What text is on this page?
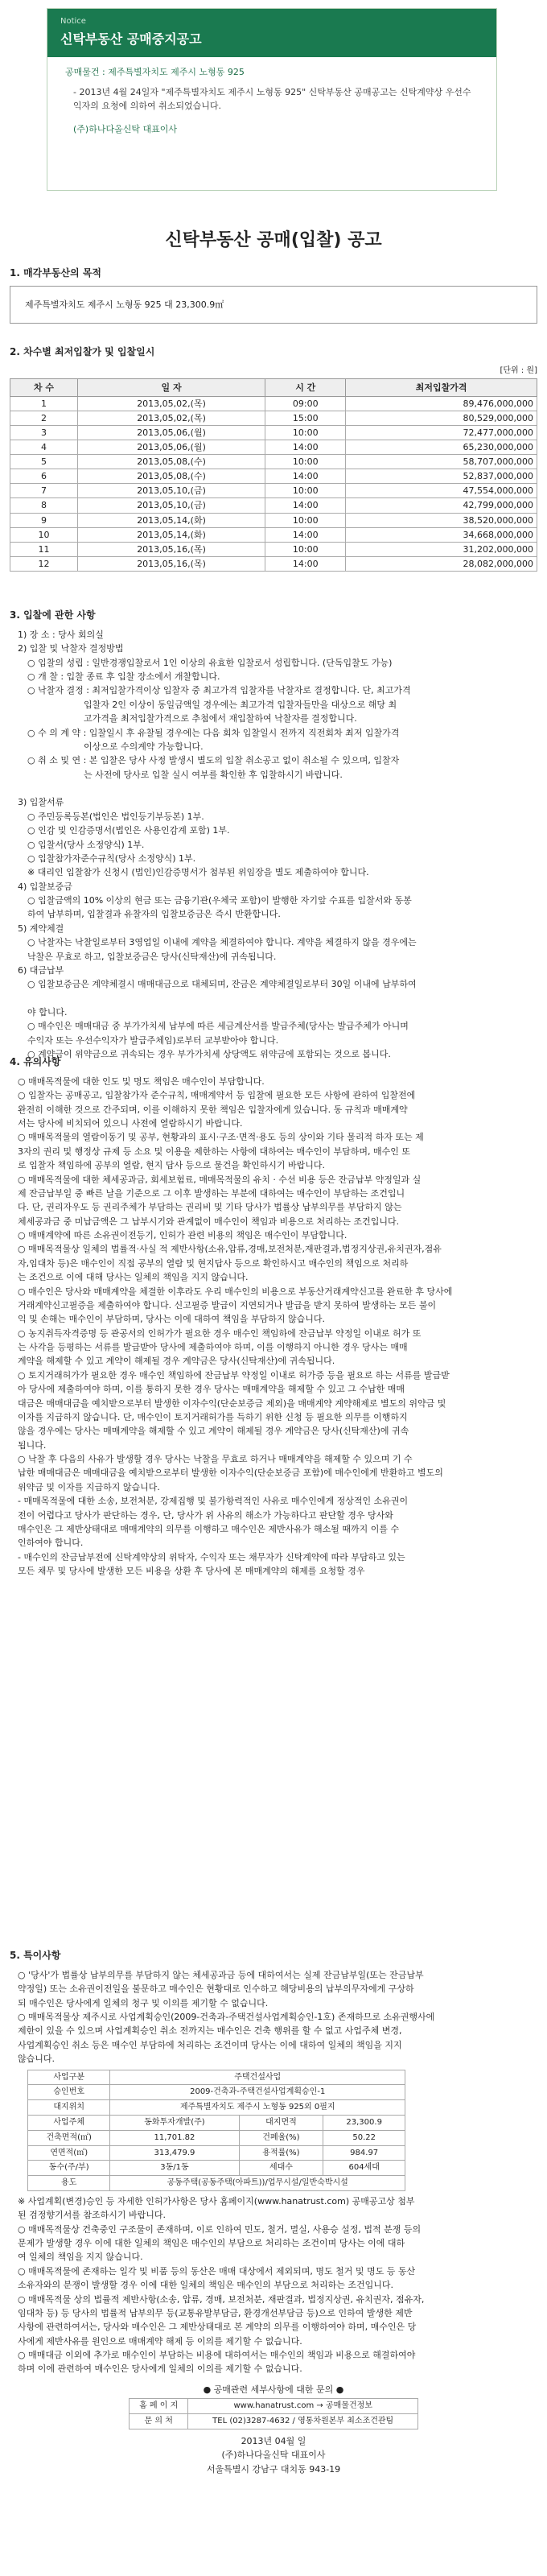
Notice
신탁부동산 공매중지공고
공매물건 : 제주특별자치도 제주시 노형동 925
- 2013년 4월 24일자 "제주특별자치도 제주시 노형동 925" 신탁부동산 공매공고는 신탁계약상 우선수익자의 요청에 의하여 취소되었습니다.
(주)하나다올신탁 대표이사
신탁부동산 공매(입찰) 공고
1. 매각부동산의 목적
제주특별자치도 제주시 노형동 925 대 23,300.9㎡
2. 차수별 최저입찰가 및 입찰일시
[단위 : 원]
차 수	일 자	시 간	최저입찰가격
1	2013,05,02,(목)	09:00	89,476,000,000
2	2013,05,02,(목)	15:00	80,529,000,000
3	2013,05,06,(월)	10:00	72,477,000,000
4	2013,05,06,(월)	14:00	65,230,000,000
5	2013,05,08,(수)	10:00	58,707,000,000
6	2013,05,08,(수)	14:00	52,837,000,000
7	2013,05,10,(금)	10:00	47,554,000,000
8	2013,05,10,(금)	14:00	42,799,000,000
9	2013,05,14,(화)	10:00	38,520,000,000
10	2013,05,14,(화)	14:00	34,668,000,000
11	2013,05,16,(목)	10:00	31,202,000,000
12	2013,05,16,(목)	14:00	28,082,000,000
3. 입찰에 관한 사항

1) 장 소 : 당사 회의실

2) 입찰 및 낙찰자 결정방법

○ 입찰의 성립 : 일반경쟁입찰로서 1인 이상의 유효한 입찰로서 성립합니다. (단독입찰도 가능)

○ 개 찰 : 입찰 종료 후 입찰 장소에서 개찰합니다.

○ 낙찰자 결정 : 최저입찰가격이상 입찰자 중 최고가격 입찰자를 낙찰자로 결정합니다. 단, 최고가격

입찰자 2인 이상이 동일금액일 경우에는 최고가격 입찰자들만을 대상으로 해당 최

고가격을 최저입찰가격으로 추첨에서 재입찰하여 낙찰자를 결정합니다.

○ 수 의 계 약 : 입찰일시 후 유찰될 경우에는 다음 회차 입찰일시 전까지 직전회차 최저 입찰가격

이상으로 수의계약 가능합니다.

○ 취 소 및 연 : 본 입찰은 당사 사정 발생시 별도의 입찰 취소공고 없이 취소될 수 있으며, 입찰자

는 사전에 당사로 입찰 실시 여부를 확인한 후 입찰하시기 바랍니다.

3) 입찰서류

○ 주민등록등본(법인은 법인등기부등본) 1부.

○ 인감 및 인감증명서(법인은 사용인감계 포함) 1부.

○ 입찰서(당사 소정양식) 1부.

○ 입찰참가자준수규칙(당사 소정양식) 1부.

※ 대리인 입찰참가 신청시 (법인)인감증명서가 첨부된 위임장을 별도 제출하여야 합니다.

4) 입찰보증금

○ 입찰금액의 10% 이상의 현금 또는 금융기관(우체국 포함)이 발행한 자기앞 수표를 입찰서와 동봉

하여 납부하며, 입찰결과 유찰자의 입찰보증금은 즉시 반환합니다.

5) 계약체결

○ 낙찰자는 낙찰일로부터 3영업일 이내에 계약을 체결하여야 합니다. 계약을 체결하지 않을 경우에는

낙찰은 무효로 하고, 입찰보증금은 당사(신탁재산)에 귀속됩니다.

6) 대금납부

○ 입찰보증금은 계약체결시 매매대금으로 대체되며, 잔금은 계약체결일로부터 30일 이내에 납부하여

야 합니다.

○ 매수인은 매매대금 중 부가가치세 납부에 따른 세금계산서를 발급주체(당사는 발급주체가 아니며

수익자 또는 우선수익자가 발급주체임)로부터 교부받아야 합니다.

○ 계약금이 위약금으로 귀속되는 경우 부가가치세 상당액도 위약금에 포함되는 것으로 봅니다.

4. 유의사항

○ 매매목적물에 대한 인도 및 명도 책임은 매수인이 부담합니다.

○ 입찰자는 공매공고, 입찰참가자 준수규칙, 매매계약서 등 입찰에 필요한 모든 사항에 관하여 입찰전에

완전히 이해한 것으로 간주되며, 이를 이해하지 못한 책임은 입찰자에게 있습니다. 동 규칙과 매매계약

서는 당사에 비치되어 있으니 사전에 열람하시기 바랍니다.

○ 매매목적물의 열람이동기 및 공부, 현황과의 표시·구조·면적·용도 등의 상이와 기타 물리적 하자 또는 제

3자의 권리 및 행정상 규제 등 소요 및 이용을 제한하는 사항에 대하여는 매수인이 부담하며, 매수인 또

로 입찰자 책임하에 공부의 열람, 현지 답사 등으로 물건을 확인하시기 바랍니다.

○ 매매목적물에 대한 체세공과금, 회세보험료, 매매목적물의 유치 · 수선 비용 등은 잔금납부 약정일과 실

제 잔금납부일 중 빠른 날을 기준으로 그 이후 발생하는 부분에 대하여는 매수인이 부담하는 조건입니

다. 단, 권리자우도 등 권리주체가 부담하는 권리비 및 기타 당사가 법률상 납부의무를 부담하지 않는

체세공과금 중 미납금액은 그 납부시기와 관계없이 매수인이 책임과 비용으로 처리하는 조건입니다.

○ 매매계약에 따른 소유권이전등기, 인허가 관련 비용의 책임은 매수인이 부담합니다.

○ 매매목적물상 일체의 법률적·사실 적 제반사항(소유,압류,경매,보전처분,재판결과,법정지상권,유치권자,점유

자,임대차 등)은 매수인이 직접 공부의 열람 및 현지답사 등으로 확인하시고 매수인의 책임으로 처리하

는 조건으로 이에 대해 당사는 일체의 책임을 지지 않습니다.

○ 매수인은 당사와 매매계약을 체결한 이후라도 우리 매수인의 비용으로 부동산거래계약신고를 완료한 후 당사에

거래계약신고필증을 제출하여야 합니다. 신고필증 발급이 지연되거나 발급을 받지 못하여 발생하는 모든 불이

익 및 손해는 매수인이 부담하며, 당사는 이에 대하여 책임을 부담하지 않습니다.

○ 농지취득자격증명 등 관공서의 인허가가 필요한 경우 매수인 책임하에 잔금납부 약정일 이내로 허가 또

는 사각을 등평하는 서류를 발급받아 당사에 제출하여야 하며, 이를 이행하지 아니한 경우 당사는 매매

계약을 해제할 수 있고 계약이 해제될 경우 계약금은 당사(신탁재산)에 귀속됩니다.

○ 토지거래허가가 필요한 경우 매수인 책임하에 잔금납부 약정일 이내로 허가증 등을 필요로 하는 서류를 발급받

아 당사에 제출하여야 하며, 이를 통하지 못한 경우 당사는 매매계약을 해제할 수 있고 그 수납한 매매

대금은 매매대금을 예치받으로부터 발생한 이자수익(단순보증금 제외)을 매매계약 계약해제로 별도의 위약금 및

이자를 지급하지 않습니다. 단, 매수인이 토지거래허가를 득하기 위한 신청 등 필요한 의무를 이행하지

않을 경우에는 당사는 매매계약을 해제할 수 있고 계약이 해제될 경우 계약금은 당사(신탁재산)에 귀속

됩니다.

○ 낙찰 후 다음의 사유가 발생할 경우 당사는 낙찰을 무효로 하거나 매매계약을 해제할 수 있으며 기 수

납한 매매대금은 매매대금을 예치받으로부터 발생한 이자수익(단순보증금 포함)에 매수인에게 반환하고 별도의

위약금 및 이자를 지급하지 않습니다.

- 매매목적물에 대한 소송, 보전처분, 강제집행 및 불가항력적인 사유로 매수인에게 정상적인 소유권이

전이 어렵다고 당사가 판단하는 경우, 단, 당사가 위 사유의 해소가 가능하다고 판단할 경우 당사와

매수인은 그 제반상태대로 매매계약의 의무를 이행하고 매수인은 제반사유가 해소될 때까지 이를 수

인하여야 합니다.

- 매수인의 잔금납부전에 신탁계약상의 위탁자, 수익자 또는 채무자가 신탁계약에 따라 부담하고 있는

모든 채무 및 당사에 발생한 모든 비용을 상환 후 당사에 본 매매계약의 해제를 요청할 경우

5. 특이사항

○ '당사'가 법률상 납부의무를 부담하지 않는 체세공과금 등에 대하여서는 실제 잔금납부일(또는 잔금납부

약정일) 또는 소유권이전일을 불문하고 매수인은 현황대로 인수하고 해당비용의 납부의무자에게 구상하

되 매수인은 당사에게 일체의 청구 및 이의를 제기할 수 없습니다.

○ 매매목적물상 제주시로 사업계획승인(2009-건축과-주택건설사업계획승인-1호) 존재하므로 소유권행사에

제한이 있을 수 있으며 사업계획승인 취소 전까지는 매수인은 건축 행위를 할 수 없고 사업주체 변경,

사업계획승인 취소 등은 매수인 부담하에 처리하는 조건이며 당사는 이에 대하여 일체의 책임을 지지

않습니다.

사업구분	주택건설사업		
승인번호	2009-건축과-주택건설사업계획승인-1		
대지위치	제주특별자치도 제주시 노형동 925외 0필지		
사업주체	동화투자개발(주)	대지면적	23,300.9
건축면적(㎡)	11,701.82	건폐율(%)	50.22
연면적(㎡)	313,479.9	용적률(%)	984.97
동수(주/부)	3동/1동	세대수	604세대
용도	공동주택(공동주택(아파트))/업무시설/일반숙박시설		

※ 사업계획(변경)승인 등 자세한 인허가사항은 당사 홈페이지(www.hanatrust.com) 공매공고상 첨부

된 검정향기서를 참조하시기 바랍니다.

○ 매매목적물상 건축중인 구조물이 존재하며, 이로 인하여 민도, 철거, 멸실, 사용승 설정, 법적 분쟁 등의

문제가 발생할 경우 이에 대한 일체의 책임은 매수인의 부담으로 처리하는 조건이며 당사는 이에 대하

여 일체의 책임을 지지 않습니다.

○ 매매목적물에 존재하는 일각 및 비품 등의 동산은 매매 대상에서 제외되며, 명도 철거 및 명도 등 동산

소유자와의 분쟁이 발생할 경우 이에 대한 일체의 책임은 매수인의 부담으로 처리하는 조건입니다.

○ 매매목적물 상의 법률적 제반사항(소송, 압류, 경매, 보전처분, 재판결과, 법정지상권, 유치권자, 점유자,

임대차 등) 등 당사의 법률적 납부의무 등(교통유발부담금, 환경개선부담금 등)으로 인하여 발생한 제반

사항에 관련하여서는, 당사와 매수인은 그 제반상태대로 본 계약의 의무를 이행하여야 하며, 매수인은 당

사에게 제반사유를 원인으로 매매계약 해제 등 이의를 제기할 수 없습니다.

○ 매매대금 이외에 추가로 매수인이 부담하는 비용에 대하여서는 매수인의 책임과 비용으로 해결하여야

하며 이에 관련하여 매수인은 당사에게 일체의 이의를 제기할 수 없습니다.

● 공매관련 세부사항에 대한 문의 ●
홈 페 이 지	www.hanatrust.com → 공매물건정보
문 의 처	TEL (02)3287-4632 / 영통차원본부 최소조건관팀
2013년 04월 일
(주)하나다올신탁 대표이사
서울특별시 강남구 대치동 943-19
